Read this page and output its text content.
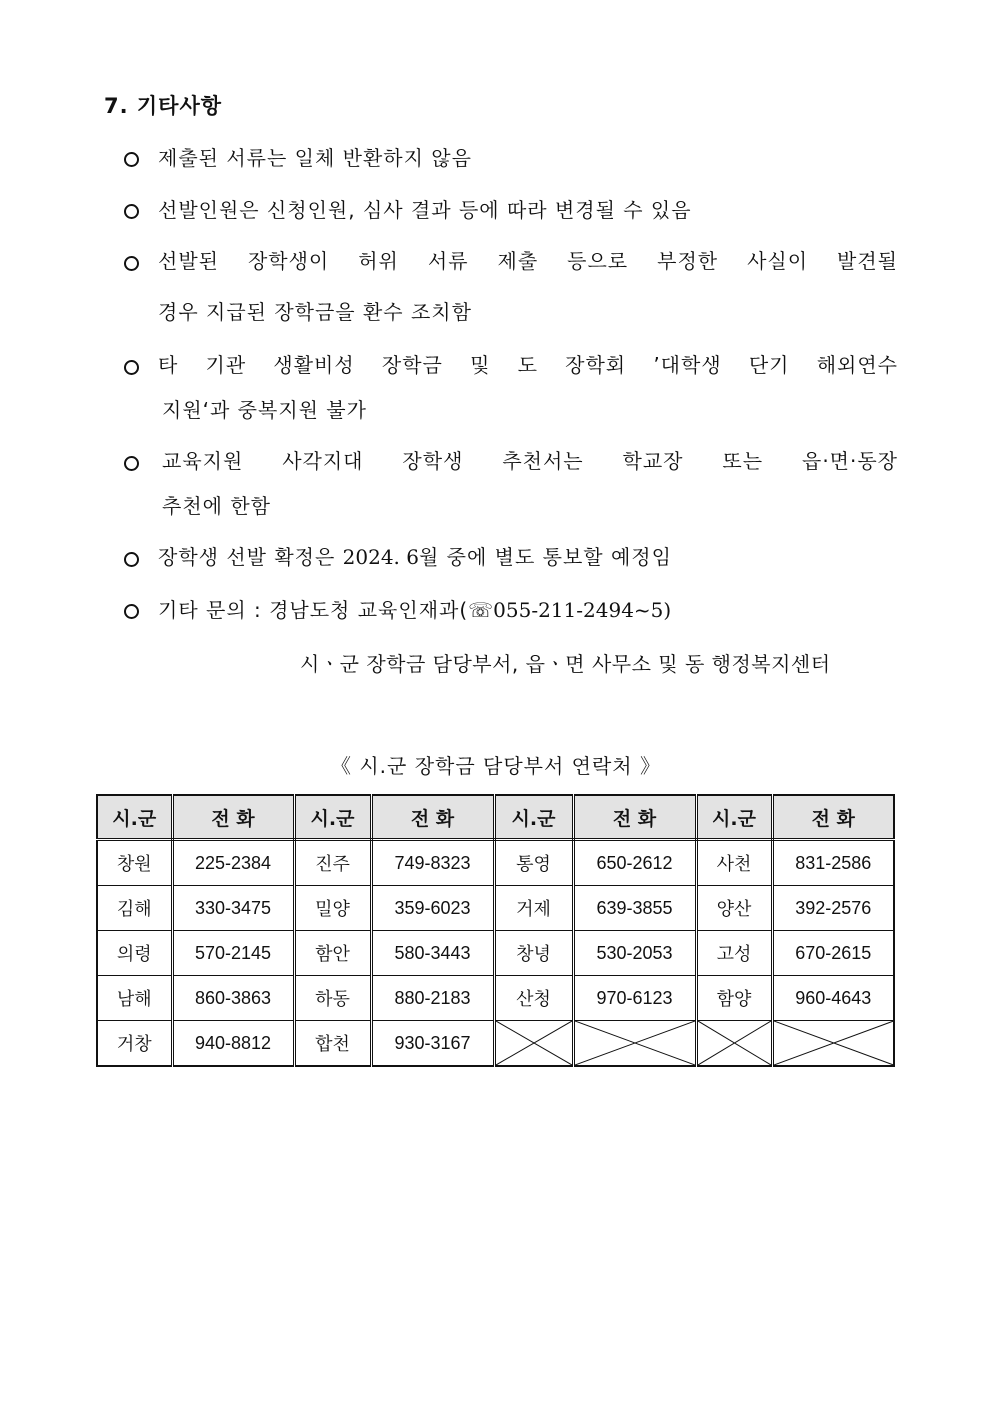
7. 기타사항
제출된 서류는 일체 반환하지 않음
선발인원은 신청인원, 심사 결과 등에 따라 변경될 수 있음
선발된 장학생이 허위 서류 제출 등으로 부정한 사실이 발견될
경우 지급된 장학금을 환수 조치함
타 기관 생활비성 장학금 및 도 장학회 ’대학생 단기 해외연수
지원‘과 중복지원 불가
교육지원 사각지대 장학생 추천서는 학교장 또는 읍·면·동장
추천에 한함
장학생 선발 확정은 2024. 6월 중에 별도 통보할 예정임
기타 문의 : 경남도청 교육인재과(☏055-211-2494~5)
시ㆍ군 장학금 담당부서, 읍ㆍ면 사무소 및 동 행정복지센터
《 시.군 장학금 담당부서 연락처 》
시.군	전 화	시.군	전 화	시.군	전 화	시.군	전 화
창원	225-2384	진주	749-8323	통영	650-2612	사천	831-2586
김해	330-3475	밀양	359-6023	거제	639-3855	양산	392-2576
의령	570-2145	함안	580-3443	창녕	530-2053	고성	670-2615
남해	860-3863	하동	880-2183	산청	970-6123	함양	960-4643
거창	940-8812	합천	930-3167	
